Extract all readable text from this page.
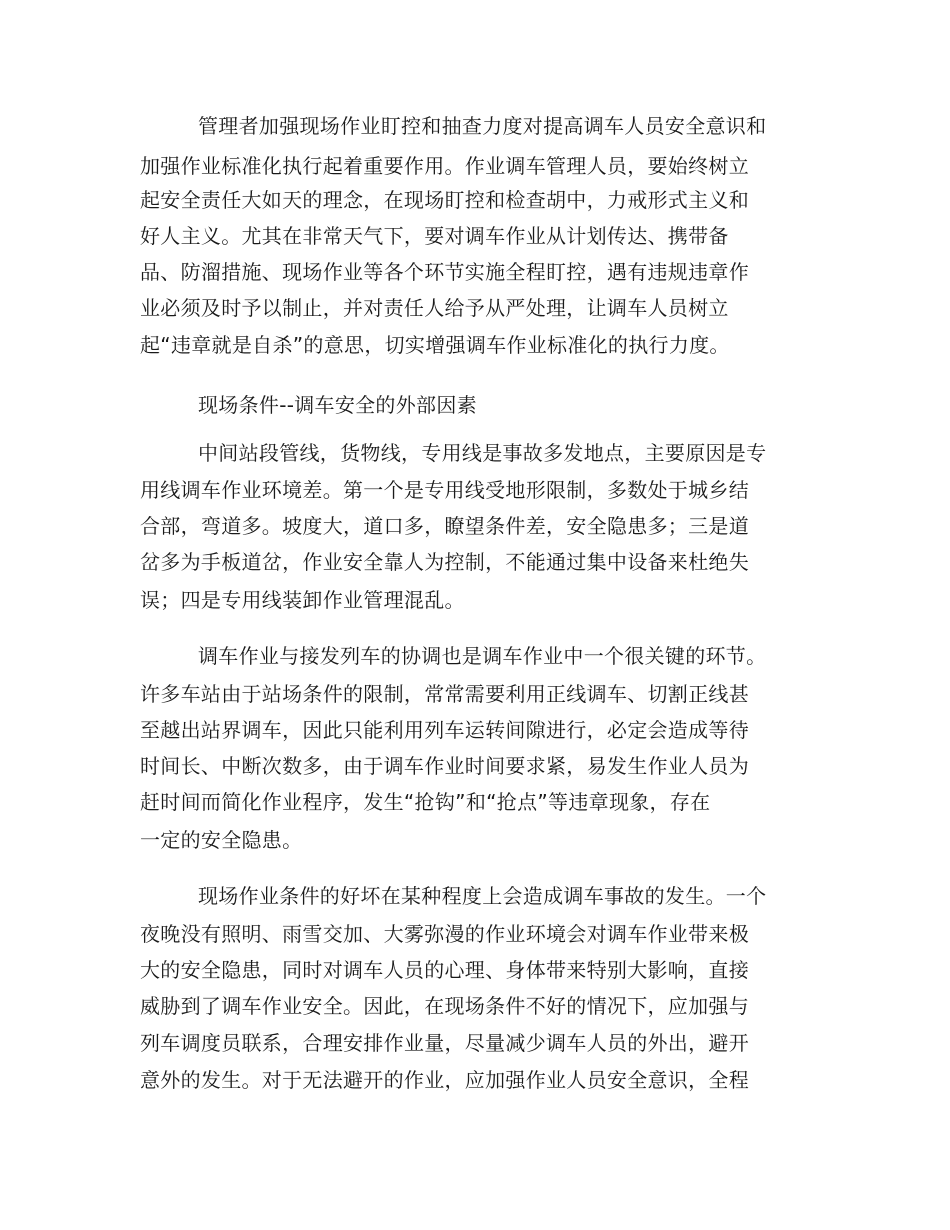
管理者加强现场作业盯控和抽查力度对提高调车人员安全意识和
加强作业标准化执行起着重要作用。作业调车管理人员，要始终树立
起安全责任大如天的理念，在现场盯控和检查胡中，力戒形式主义和
好人主义。尤其在非常天气下，要对调车作业从计划传达、携带备
品、防溜措施、现场作业等各个环节实施全程盯控，遇有违规违章作
业必须及时予以制止，并对责任人给予从严处理，让调车人员树立
起“违章就是自杀”的意思，切实增强调车作业标准化的执行力度。
现场条件--调车安全的外部因素
中间站段管线，货物线，专用线是事故多发地点，主要原因是专
用线调车作业环境差。第一个是专用线受地形限制，多数处于城乡结
合部，弯道多。坡度大，道口多，瞭望条件差，安全隐患多；三是道
岔多为手板道岔，作业安全靠人为控制，不能通过集中设备来杜绝失
误；四是专用线装卸作业管理混乱。
调车作业与接发列车的协调也是调车作业中一个很关键的环节。
许多车站由于站场条件的限制，常常需要利用正线调车、切割正线甚
至越出站界调车，因此只能利用列车运转间隙进行，必定会造成等待
时间长、中断次数多，由于调车作业时间要求紧，易发生作业人员为
赶时间而简化作业程序，发生“抢钩”和“抢点”等违章现象，存在
一定的安全隐患。
现场作业条件的好坏在某种程度上会造成调车事故的发生。一个
夜晚没有照明、雨雪交加、大雾弥漫的作业环境会对调车作业带来极
大的安全隐患，同时对调车人员的心理、身体带来特别大影响，直接
威胁到了调车作业安全。因此，在现场条件不好的情况下，应加强与
列车调度员联系，合理安排作业量，尽量减少调车人员的外出，避开
意外的发生。对于无法避开的作业，应加强作业人员安全意识，全程
